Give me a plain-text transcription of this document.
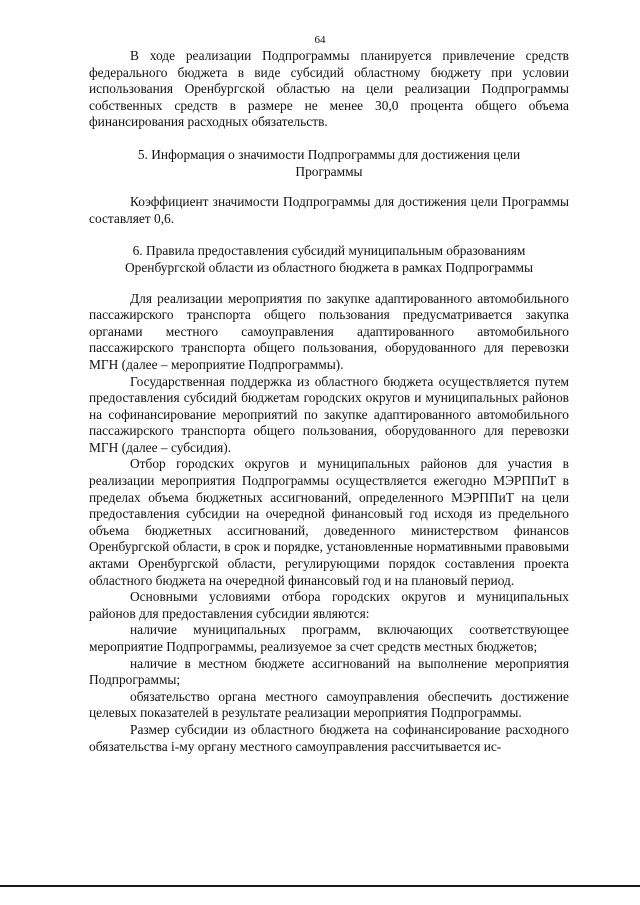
64

В ходе реализации Подпрограммы планируется привлечение средств федерального бюджета в виде субсидий областному бюджету при условии использования Оренбургской областью на цели реализации Подпрограммы собственных средств в размере не менее 30,0 процента общего объема финансирования расходных обязательств.

5. Информация о значимости Подпрограммы для достижения цели Программы

Коэффициент значимости Подпрограммы для достижения цели Программы составляет 0,6.

6. Правила предоставления субсидий муниципальным образованиям Оренбургской области из областного бюджета в рамках Подпрограммы

Для реализации мероприятия по закупке адаптированного автомобильного пассажирского транспорта общего пользования предусматривается закупка органами местного самоуправления адаптированного автомобильного пассажирского транспорта общего пользования, оборудованного для перевозки МГН (далее – мероприятие Подпрограммы).

Государственная поддержка из областного бюджета осуществляется путем предоставления субсидий бюджетам городских округов и муниципальных районов на софинансирование мероприятий по закупке адаптированного автомобильного пассажирского транспорта общего пользования, оборудованного для перевозки МГН (далее – субсидия).

Отбор городских округов и муниципальных районов для участия в реализации мероприятия Подпрограммы осуществляется ежегодно МЭРППиТ в пределах объема бюджетных ассигнований, определенного МЭРППиТ на цели предоставления субсидии на очередной финансовый год исходя из предельного объема бюджетных ассигнований, доведенного министерством финансов Оренбургской области, в срок и порядке, установленные нормативными правовыми актами Оренбургской области, регулирующими порядок составления проекта областного бюджета на очередной финансовый год и на плановый период.

Основными условиями отбора городских округов и муниципальных районов для предоставления субсидии являются:

наличие муниципальных программ, включающих соответствующее мероприятие Подпрограммы, реализуемое за счет средств местных бюджетов;

наличие в местном бюджете ассигнований на выполнение мероприятия Подпрограммы;

обязательство органа местного самоуправления обеспечить достижение целевых показателей в результате реализации мероприятия Подпрограммы.

Размер субсидии из областного бюджета на софинансирование расходного обязательства i-му органу местного самоуправления рассчитывается ис-
